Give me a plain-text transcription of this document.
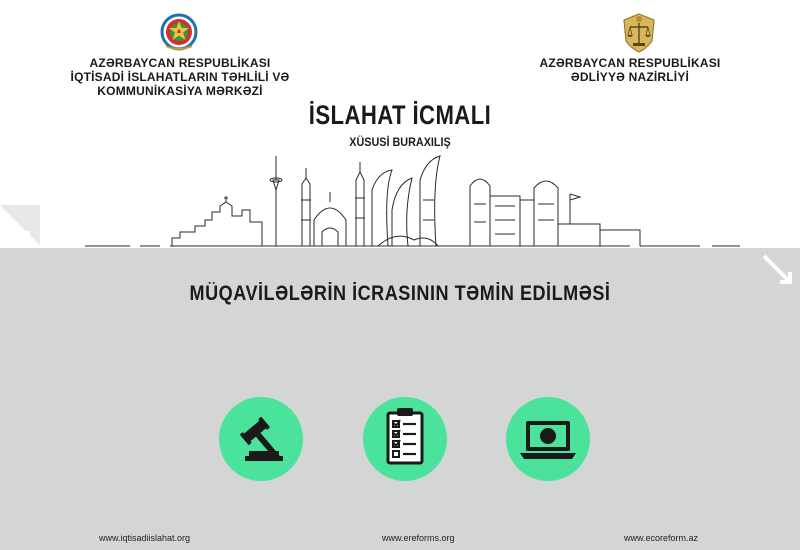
AZƏRBAYCAN RESPUBLİKASI
İQTİSADİ İSLAHATLARIN TƏHLİLİ VƏ
KOMMUNİKASİYA MƏRKƏZİ
AZƏRBAYCAN RESPUBLİKASI
ƏDLİYYƏ NAZİRLİYİ
İSLAHAT İCMALI
XÜSUSİ BURAXILIŞ
MÜQAVİLƏLƏRİN İCRASININ TƏMİN EDİLMƏSİ
www.iqtisadiislahat.org	www.ereforms.org	www.ecoreform.az
